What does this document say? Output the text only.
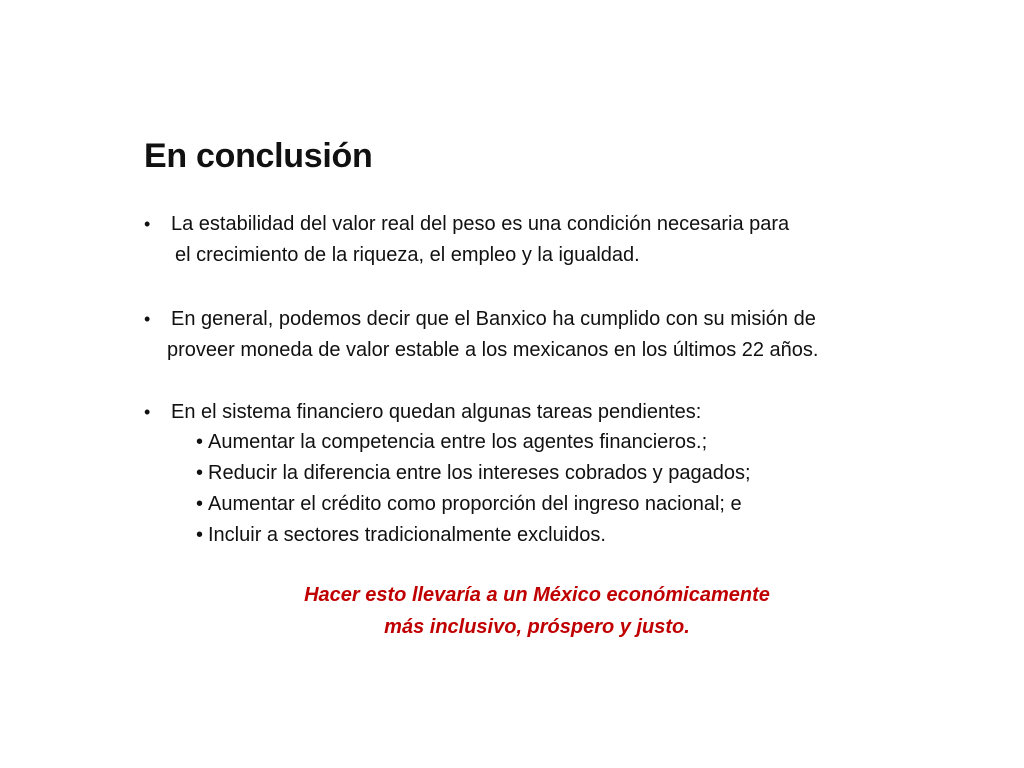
En conclusión
• La estabilidad del valor real del peso es una condición necesaria para
el crecimiento de la riqueza, el empleo y la igualdad.
• En general, podemos decir que el Banxico ha cumplido con su misión de
proveer moneda de valor estable a los mexicanos en los últimos 22 años.
• En el sistema financiero quedan algunas tareas pendientes:
• Aumentar la competencia entre los agentes financieros.;
• Reducir la diferencia entre los intereses cobrados y pagados;
• Aumentar el crédito como proporción del ingreso nacional; e
• Incluir a sectores tradicionalmente excluidos.
Hacer esto llevaría a un México económicamente
más inclusivo, próspero y justo.
